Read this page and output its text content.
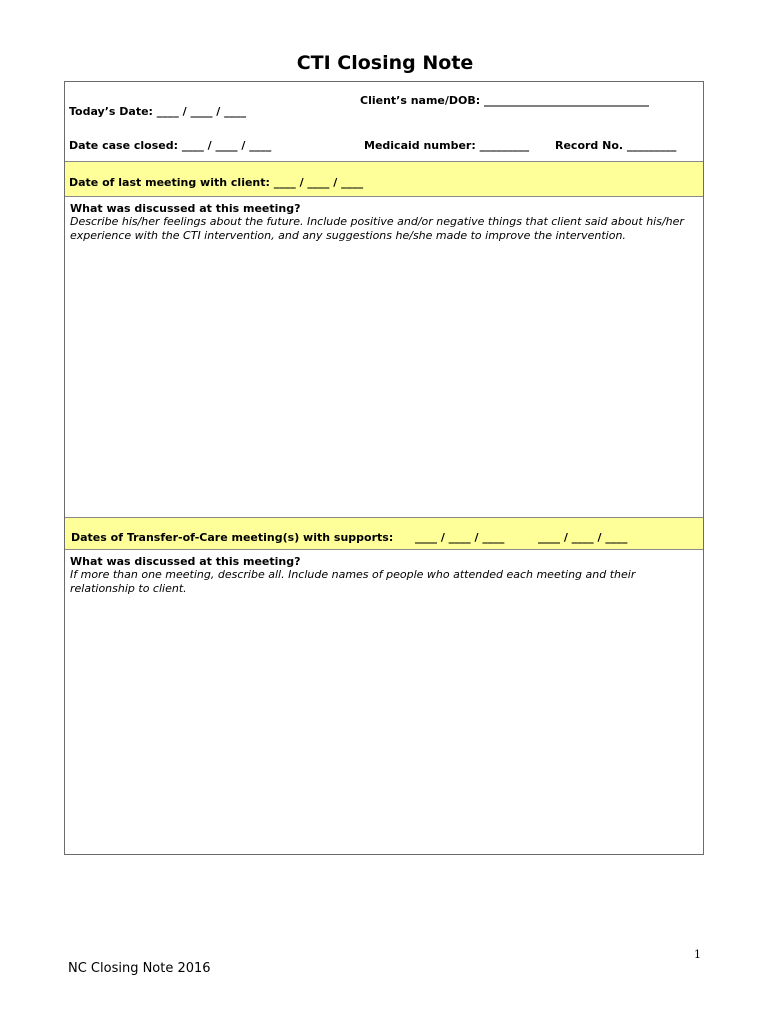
CTI Closing Note
Client’s name/DOB: ______________________________
Today’s Date: ____ / ____ / ____
Date case closed: ____ / ____ / ____	Medicaid number: _________ Record No. _________
Date of last meeting with client: ____ / ____ / ____
What was discussed at this meeting?
Describe his/her feelings about the future. Include positive and/or negative things that client said about his/her experience with the CTI intervention, and any suggestions he/she made to improve the intervention.
Dates of Transfer-of-Care meeting(s) with supports: ____ / ____ / ____	____ / ____ / ____
What was discussed at this meeting?
If more than one meeting, describe all. Include names of people who attended each meeting and their relationship to client.
1
NC Closing Note 2016
